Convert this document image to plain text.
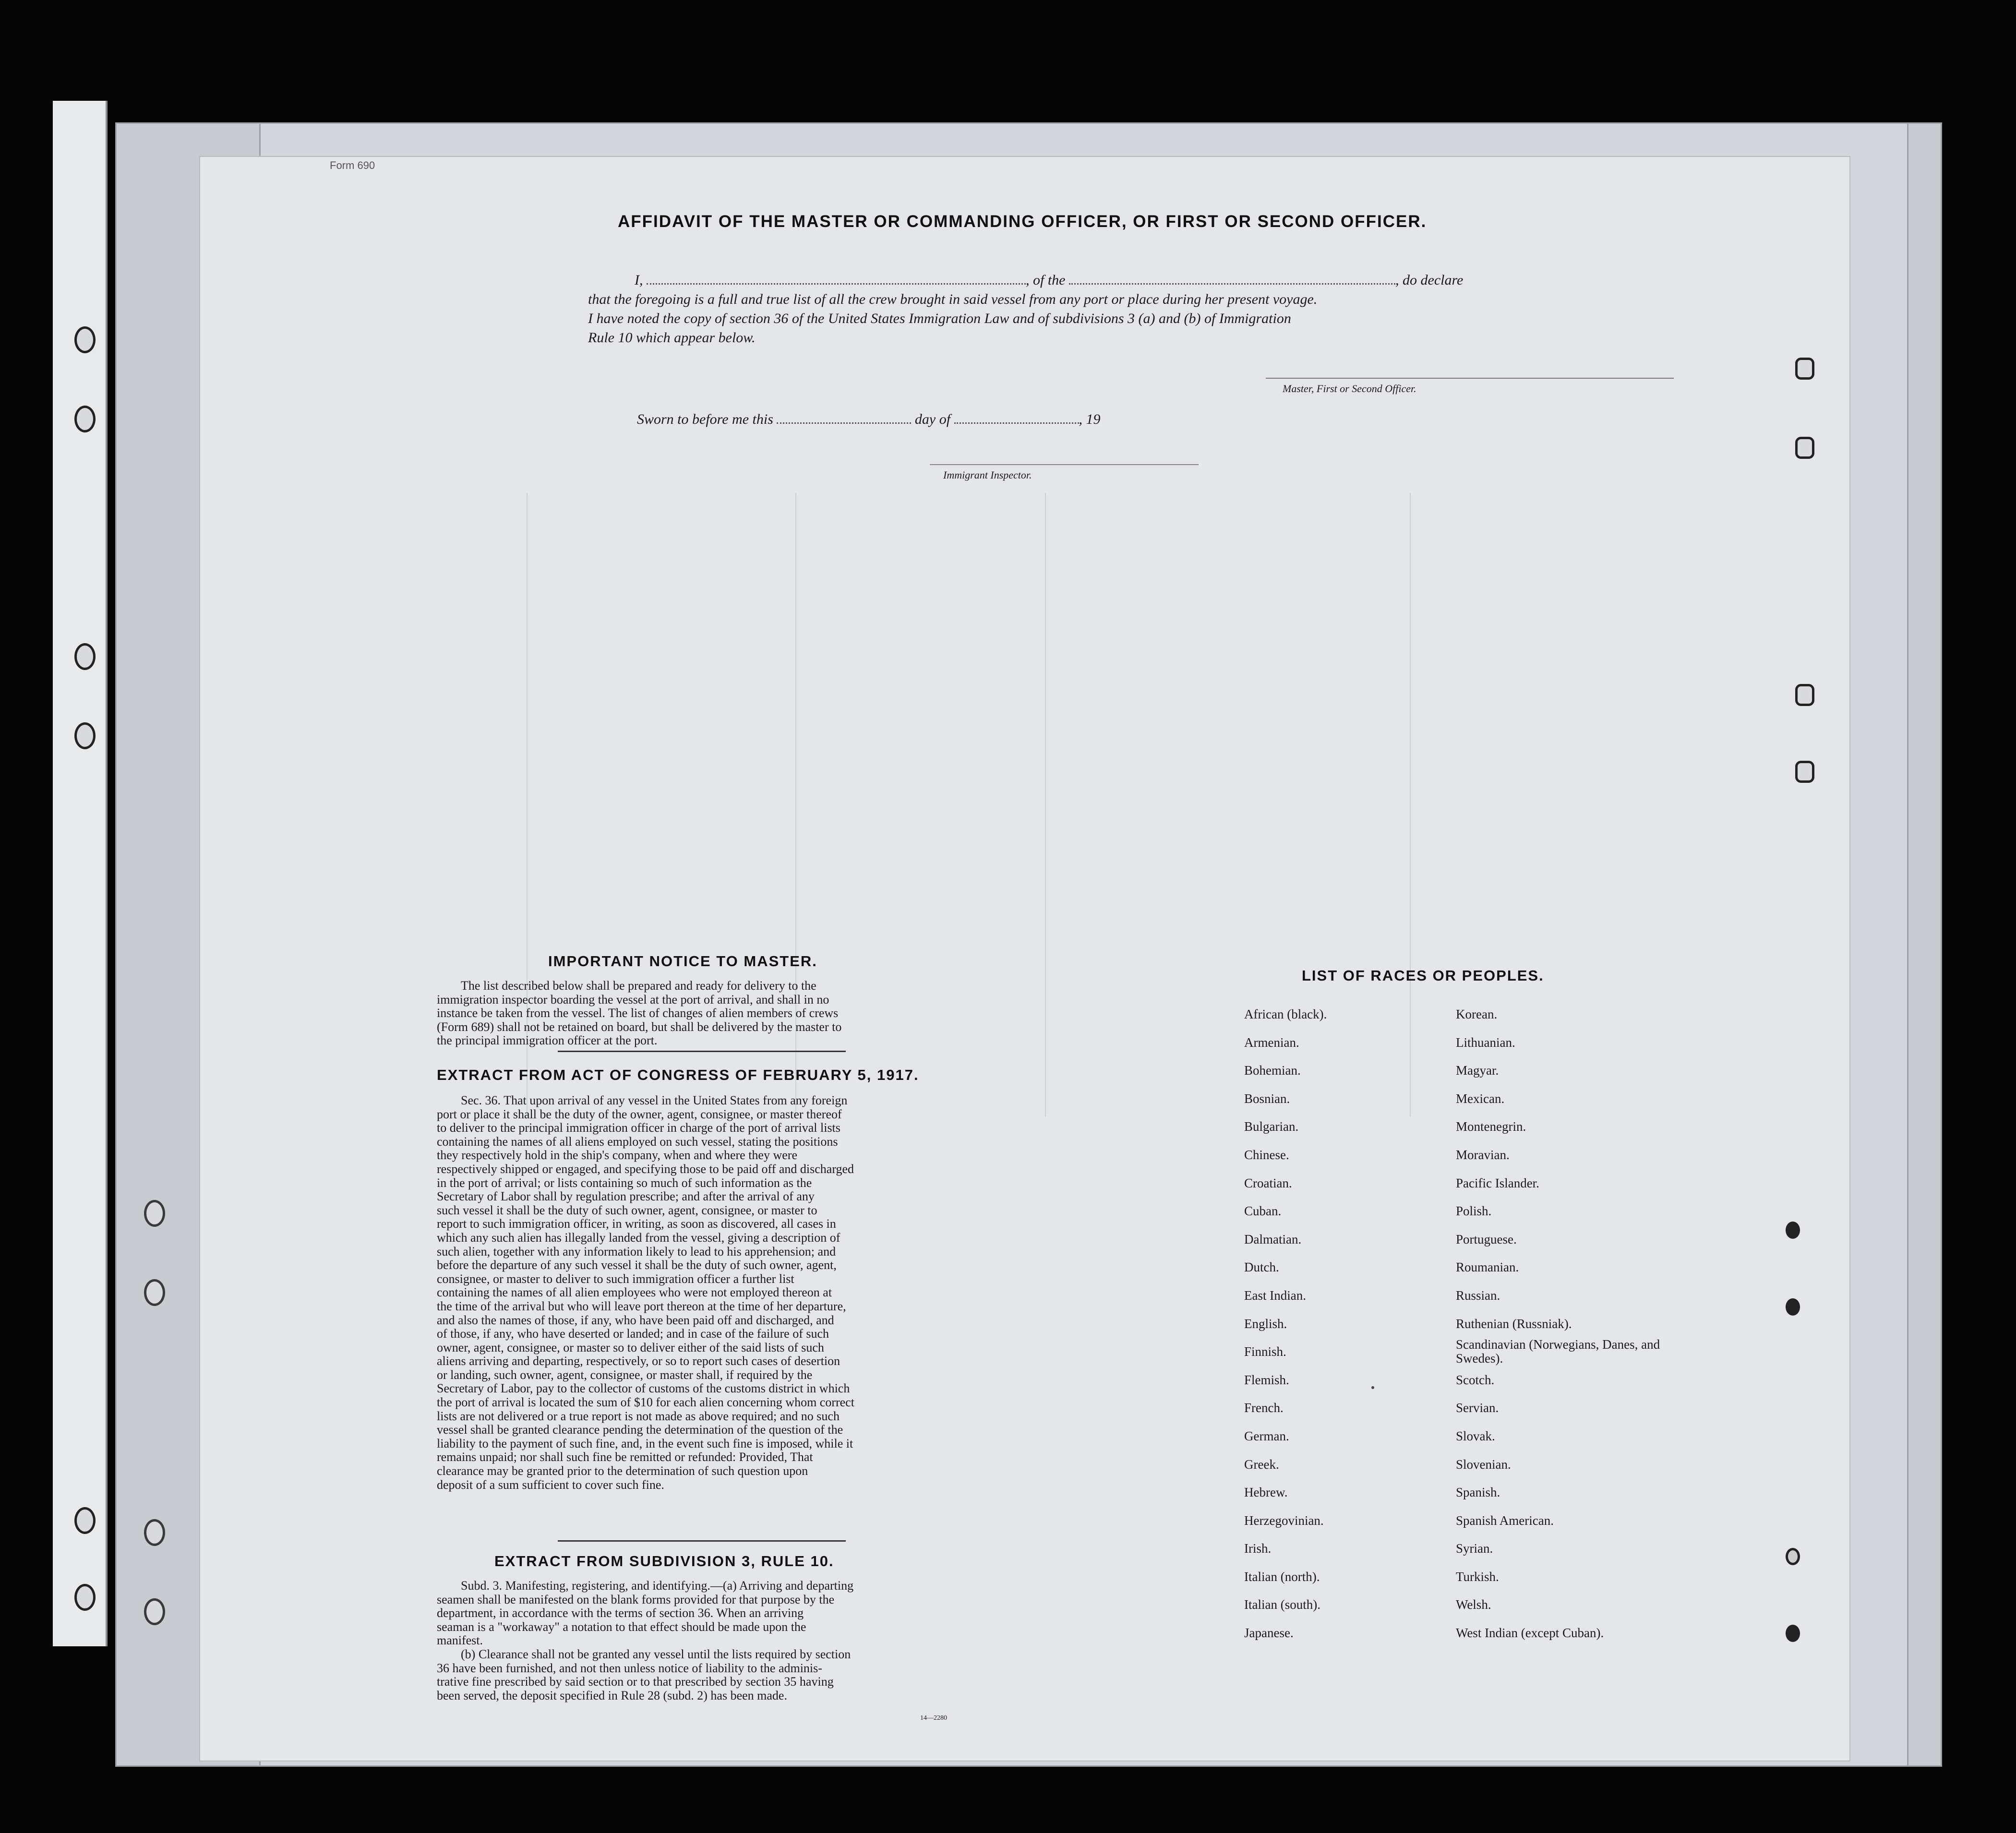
Form 690
AFFIDAVIT OF THE MASTER OR COMMANDING OFFICER, OR FIRST OR SECOND OFFICER.
I,	, of the	, do declare
that the foregoing is a full and true list of all the crew brought in said vessel from any port or place during her present voyage.
I have noted the copy of section 36 of the United States Immigration Law and of subdivisions 3 (a) and (b) of Immigration
Rule 10 which appear below.
Master, First or Second Officer.
Sworn to before me this	day of	, 19
Immigrant Inspector.
IMPORTANT NOTICE TO MASTER.
The list described below shall be prepared and ready for delivery to the
immigration inspector boarding the vessel at the port of arrival, and shall in no
instance be taken from the vessel. The list of changes of alien members of crews
(Form 689) shall not be retained on board, but shall be delivered by the master to
the principal immigration officer at the port.
EXTRACT FROM ACT OF CONGRESS OF FEBRUARY 5, 1917.
Sec. 36. That upon arrival of any vessel in the United States from any foreign
port or place it shall be the duty of the owner, agent, consignee, or master thereof
to deliver to the principal immigration officer in charge of the port of arrival lists
containing the names of all aliens employed on such vessel, stating the positions
they respectively hold in the ship's company, when and where they were
respectively shipped or engaged, and specifying those to be paid off and discharged
in the port of arrival; or lists containing so much of such information as the
Secretary of Labor shall by regulation prescribe; and after the arrival of any
such vessel it shall be the duty of such owner, agent, consignee, or master to
report to such immigration officer, in writing, as soon as discovered, all cases in
which any such alien has illegally landed from the vessel, giving a description of
such alien, together with any information likely to lead to his apprehension; and
before the departure of any such vessel it shall be the duty of such owner, agent,
consignee, or master to deliver to such immigration officer a further list
containing the names of all alien employees who were not employed thereon at
the time of the arrival but who will leave port thereon at the time of her departure,
and also the names of those, if any, who have been paid off and discharged, and
of those, if any, who have deserted or landed; and in case of the failure of such
owner, agent, consignee, or master so to deliver either of the said lists of such
aliens arriving and departing, respectively, or so to report such cases of desertion
or landing, such owner, agent, consignee, or master shall, if required by the
Secretary of Labor, pay to the collector of customs of the customs district in which
the port of arrival is located the sum of $10 for each alien concerning whom correct
lists are not delivered or a true report is not made as above required; and no such
vessel shall be granted clearance pending the determination of the question of the
liability to the payment of such fine, and, in the event such fine is imposed, while it
remains unpaid; nor shall such fine be remitted or refunded: Provided, That
clearance may be granted prior to the determination of such question upon
deposit of a sum sufficient to cover such fine.
EXTRACT FROM SUBDIVISION 3, RULE 10.
Subd. 3. Manifesting, registering, and identifying.—(a) Arriving and departing
seamen shall be manifested on the blank forms provided for that purpose by the
department, in accordance with the terms of section 36. When an arriving
seaman is a "workaway" a notation to that effect should be made upon the
manifest.
(b) Clearance shall not be granted any vessel until the lists required by section
36 have been furnished, and not then unless notice of liability to the adminis-
trative fine prescribed by said section or to that prescribed by section 35 having
been served, the deposit specified in Rule 28 (subd. 2) has been made.
14—2280
LIST OF RACES OR PEOPLES.
African (black).
Armenian.
Bohemian.
Bosnian.
Bulgarian.
Chinese.
Croatian.
Cuban.
Dalmatian.
Dutch.
East Indian.
English.
Finnish.
Flemish.
French.
German.
Greek.
Hebrew.
Herzegovinian.
Irish.
Italian (north).
Italian (south).
Japanese.
Korean.
Lithuanian.
Magyar.
Mexican.
Montenegrin.
Moravian.
Pacific Islander.
Polish.
Portuguese.
Roumanian.
Russian.
Ruthenian (Russniak).
Scandinavian (Norwegians, Danes, and Swedes).
Scotch.
Servian.
Slovak.
Slovenian.
Spanish.
Spanish American.
Syrian.
Turkish.
Welsh.
West Indian (except Cuban).
